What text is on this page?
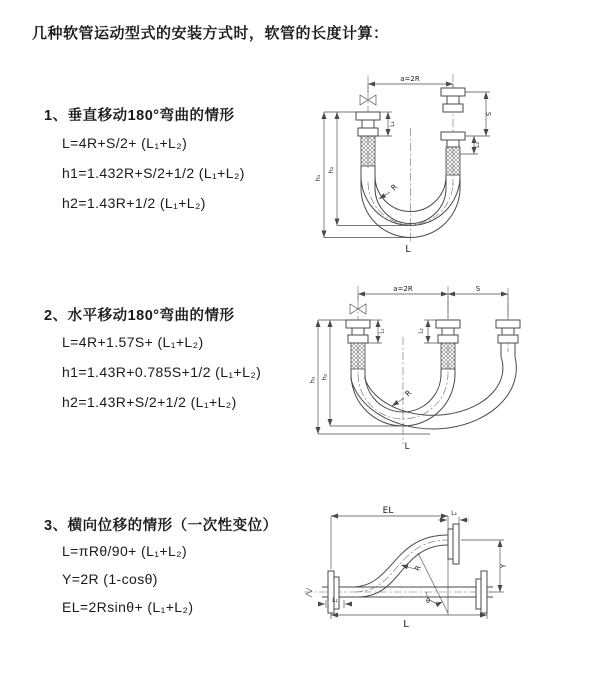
几种软管运动型式的安装方式时，软管的长度计算：
1、垂直移动180°弯曲的情形
L=4R+S/2+ (L₁+L₂)
h1=1.432R+S/2+1/2 (L₁+L₂)
h2=1.43R+1/2 (L₁+L₂)
2、水平移动180°弯曲的情形
L=4R+1.57S+ (L₁+L₂)
h1=1.43R+0.785S+1/2 (L₁+L₂)
h2=1.43R+S/2+1/2 (L₁+L₂)
3、横向位移的情形（一次性变位）
L=πRθ/90+ (L₁+L₂)
Y=2R (1-cosθ)
EL=2Rsinθ+ (L₁+L₂)
a=2R
h₁
h₂
L₁
S
L₂
R
L
a=2R	S
h₁ h₂
L₁	L₂
R
L
θ
EL	L₂
Y
R
L
L₁
